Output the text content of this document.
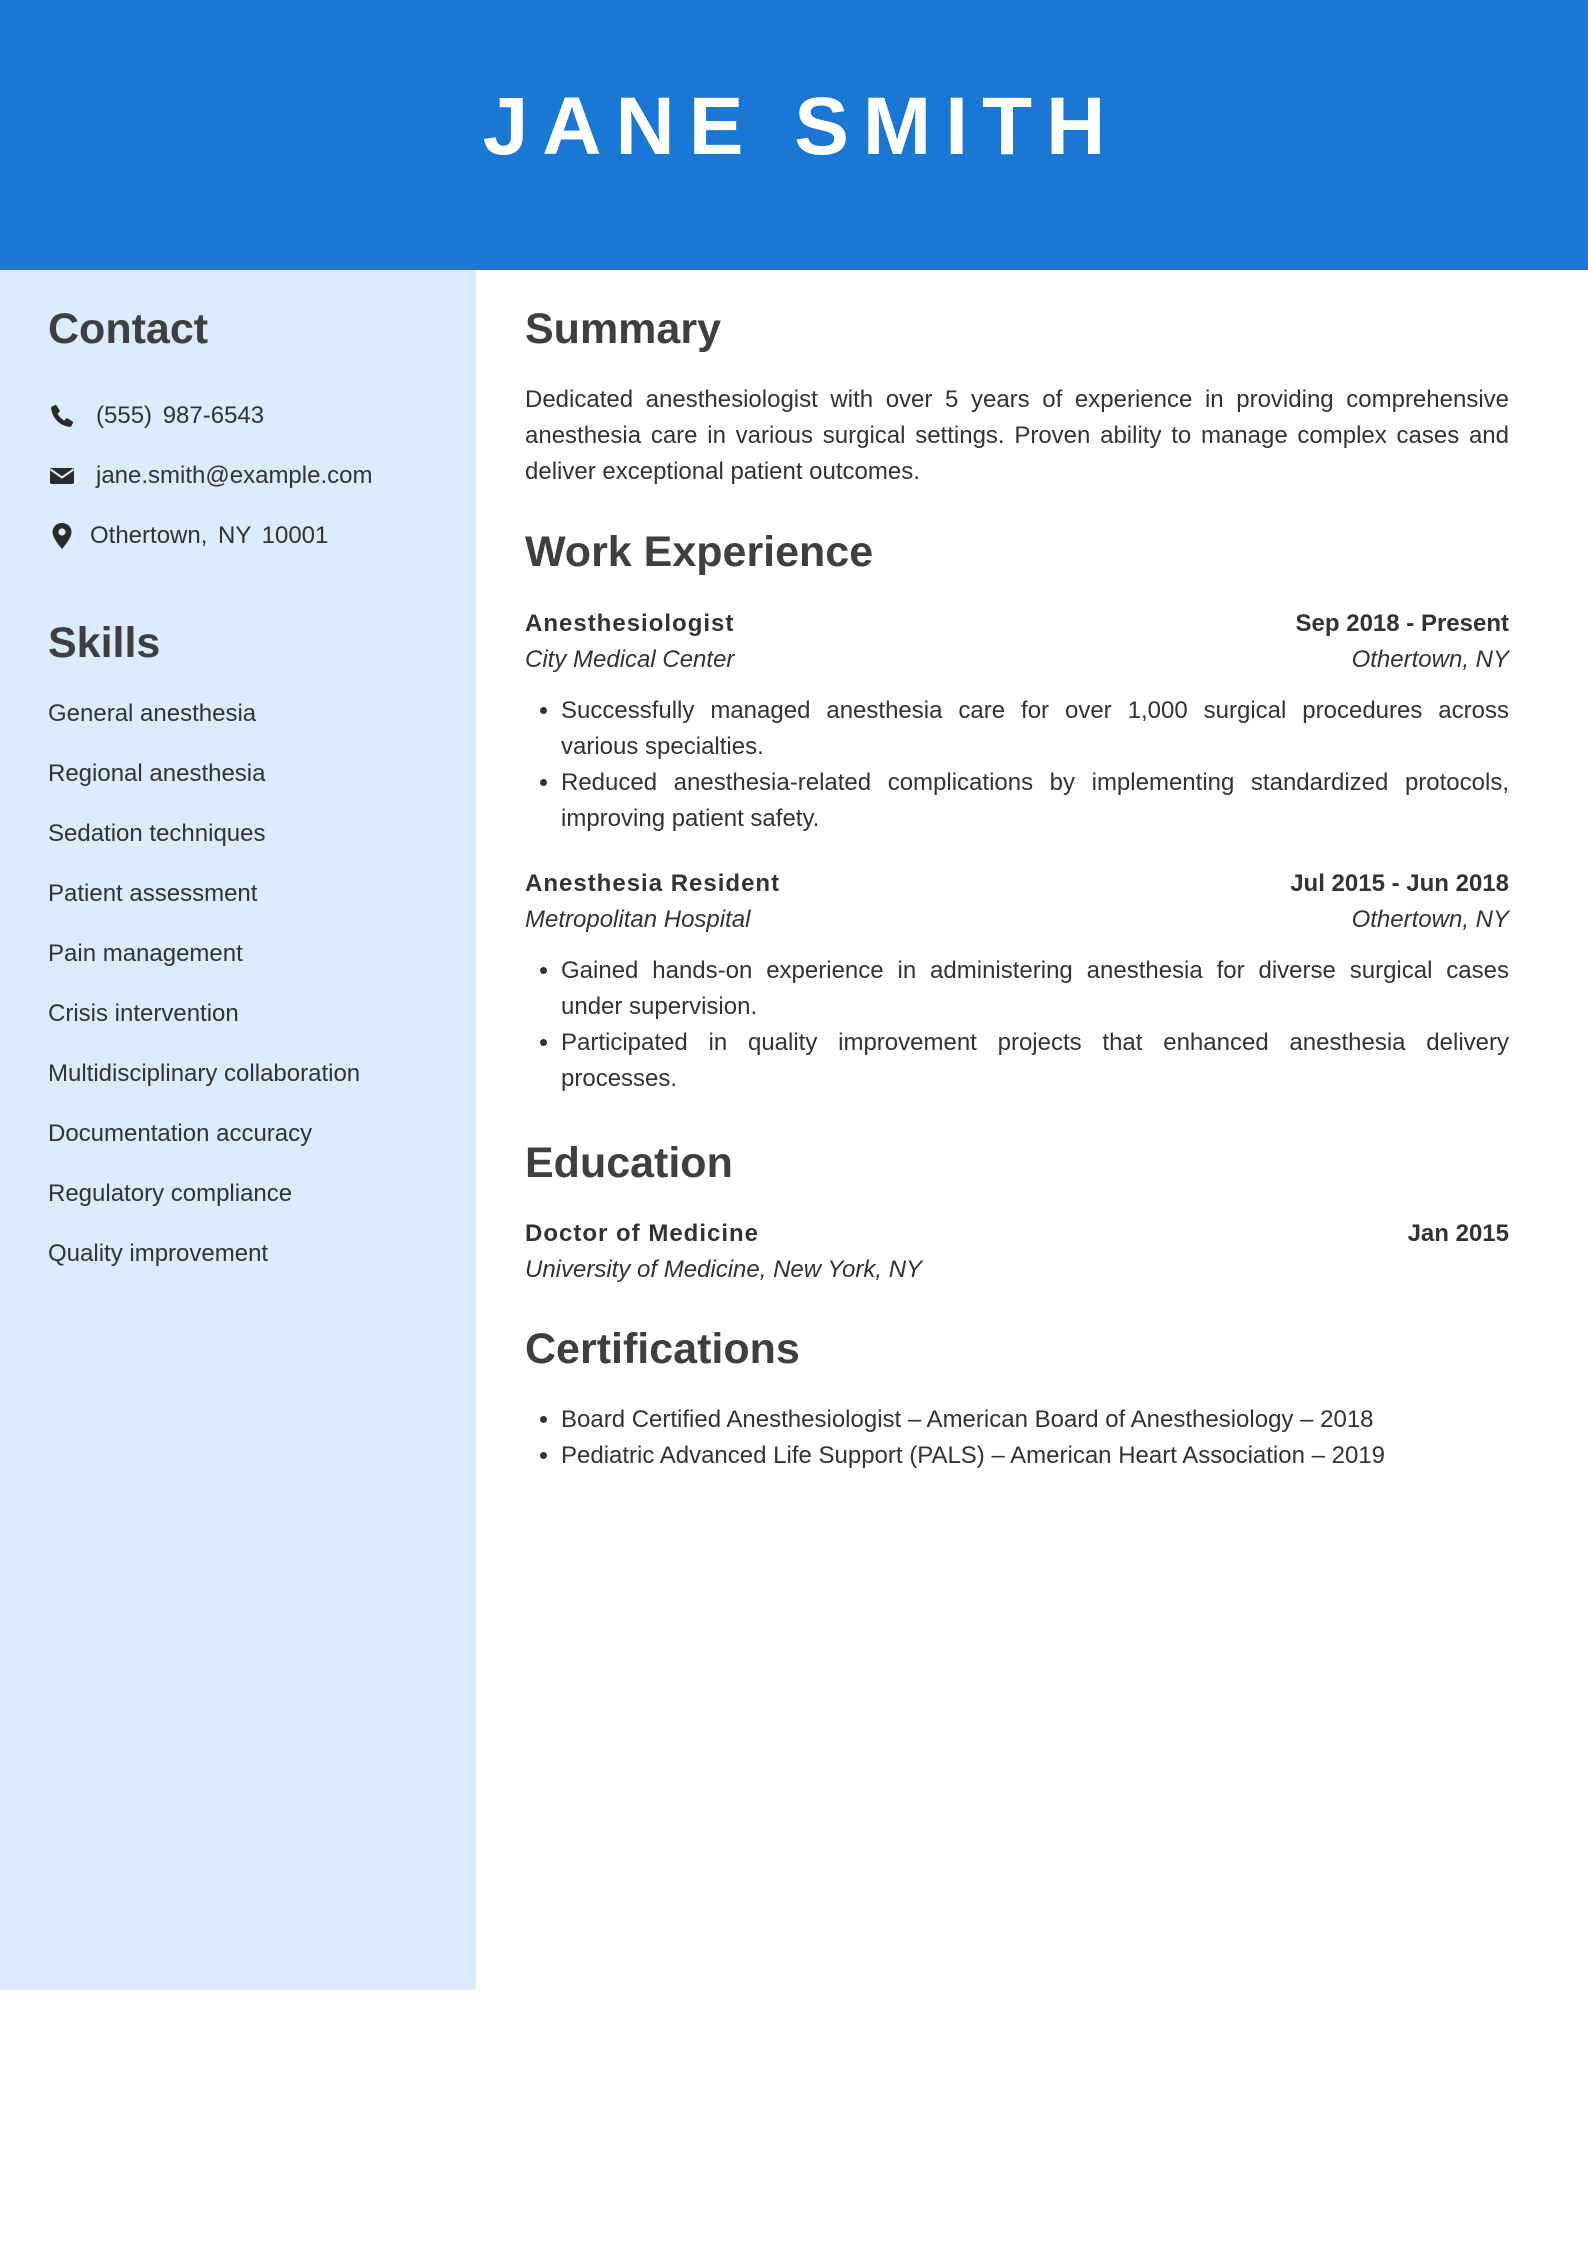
JANE SMITH
Contact
(555) 987-6543
jane.smith@example.com
Othertown, NY 10001
Skills
General anesthesia
Regional anesthesia
Sedation techniques
Patient assessment
Pain management
Crisis intervention
Multidisciplinary collaboration
Documentation accuracy
Regulatory compliance
Quality improvement
Summary

Dedicated anesthesiologist with over 5 years of experience in providing comprehensive anesthesia care in various surgical settings. Proven ability to manage complex cases and deliver exceptional patient outcomes.

Work Experience
Anesthesiologist	Sep 2018 - Present
City Medical Center	Othertown, NY
• Successfully managed anesthesia care for over 1,000 surgical procedures across various specialties.
• Reduced anesthesia-related complications by implementing standardized protocols, improving patient safety.
Anesthesia Resident	Jul 2015 - Jun 2018
Metropolitan Hospital	Othertown, NY
• Gained hands-on experience in administering anesthesia for diverse surgical cases under supervision.
• Participated in quality improvement projects that enhanced anesthesia delivery processes.
Education
Doctor of Medicine	Jan 2015
University of Medicine, New York, NY
Certifications
• Board Certified Anesthesiologist – American Board of Anesthesiology – 2018
• Pediatric Advanced Life Support (PALS) – American Heart Association – 2019
